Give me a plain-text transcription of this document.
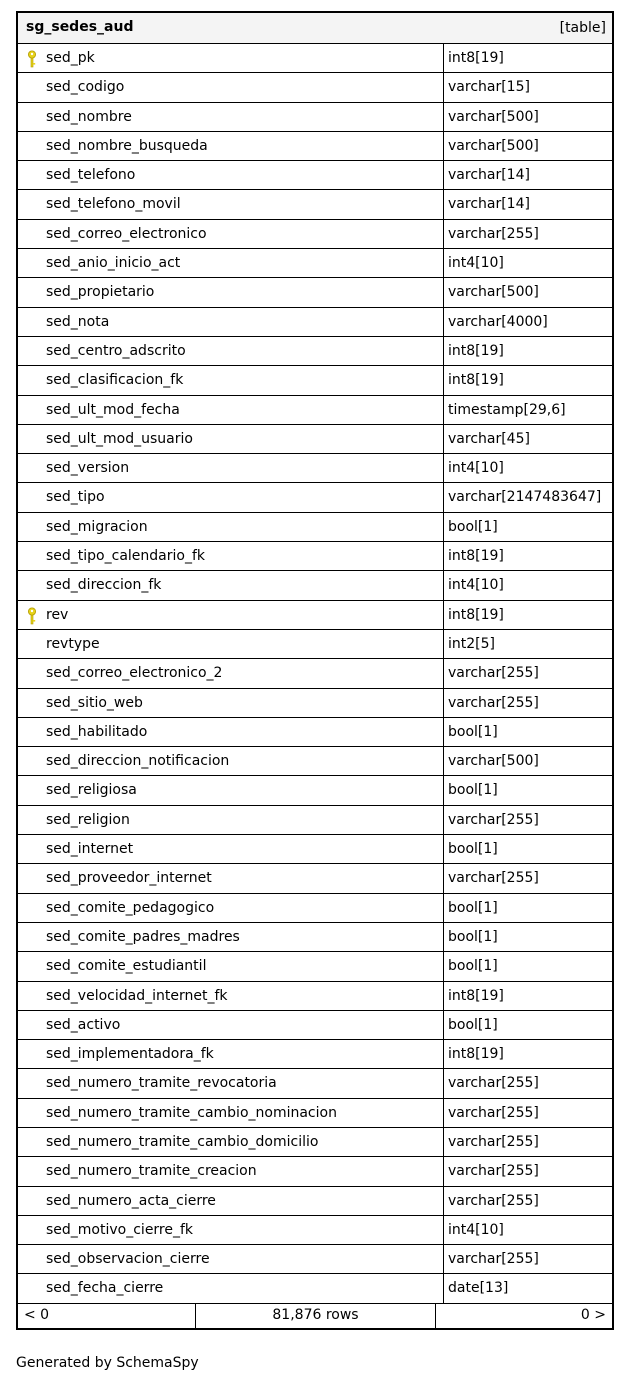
sg_sedes_aud	[table]
sed_pk	int8[19]
sed_codigo	varchar[15]
sed_nombre	varchar[500]
sed_nombre_busqueda	varchar[500]
sed_telefono	varchar[14]
sed_telefono_movil	varchar[14]
sed_correo_electronico	varchar[255]
sed_anio_inicio_act	int4[10]
sed_propietario	varchar[500]
sed_nota	varchar[4000]
sed_centro_adscrito	int8[19]
sed_clasificacion_fk	int8[19]
sed_ult_mod_fecha	timestamp[29,6]
sed_ult_mod_usuario	varchar[45]
sed_version	int4[10]
sed_tipo	varchar[2147483647]
sed_migracion	bool[1]
sed_tipo_calendario_fk	int8[19]
sed_direccion_fk	int4[10]
rev	int8[19]
revtype	int2[5]
sed_correo_electronico_2	varchar[255]
sed_sitio_web	varchar[255]
sed_habilitado	bool[1]
sed_direccion_notificacion	varchar[500]
sed_religiosa	bool[1]
sed_religion	varchar[255]
sed_internet	bool[1]
sed_proveedor_internet	varchar[255]
sed_comite_pedagogico	bool[1]
sed_comite_padres_madres	bool[1]
sed_comite_estudiantil	bool[1]
sed_velocidad_internet_fk	int8[19]
sed_activo	bool[1]
sed_implementadora_fk	int8[19]
sed_numero_tramite_revocatoria	varchar[255]
sed_numero_tramite_cambio_nominacion	varchar[255]
sed_numero_tramite_cambio_domicilio	varchar[255]
sed_numero_tramite_creacion	varchar[255]
sed_numero_acta_cierre	varchar[255]
sed_motivo_cierre_fk	int4[10]
sed_observacion_cierre	varchar[255]
sed_fecha_cierre	date[13]
< 0	81,876 rows	0 >
Generated by SchemaSpy
